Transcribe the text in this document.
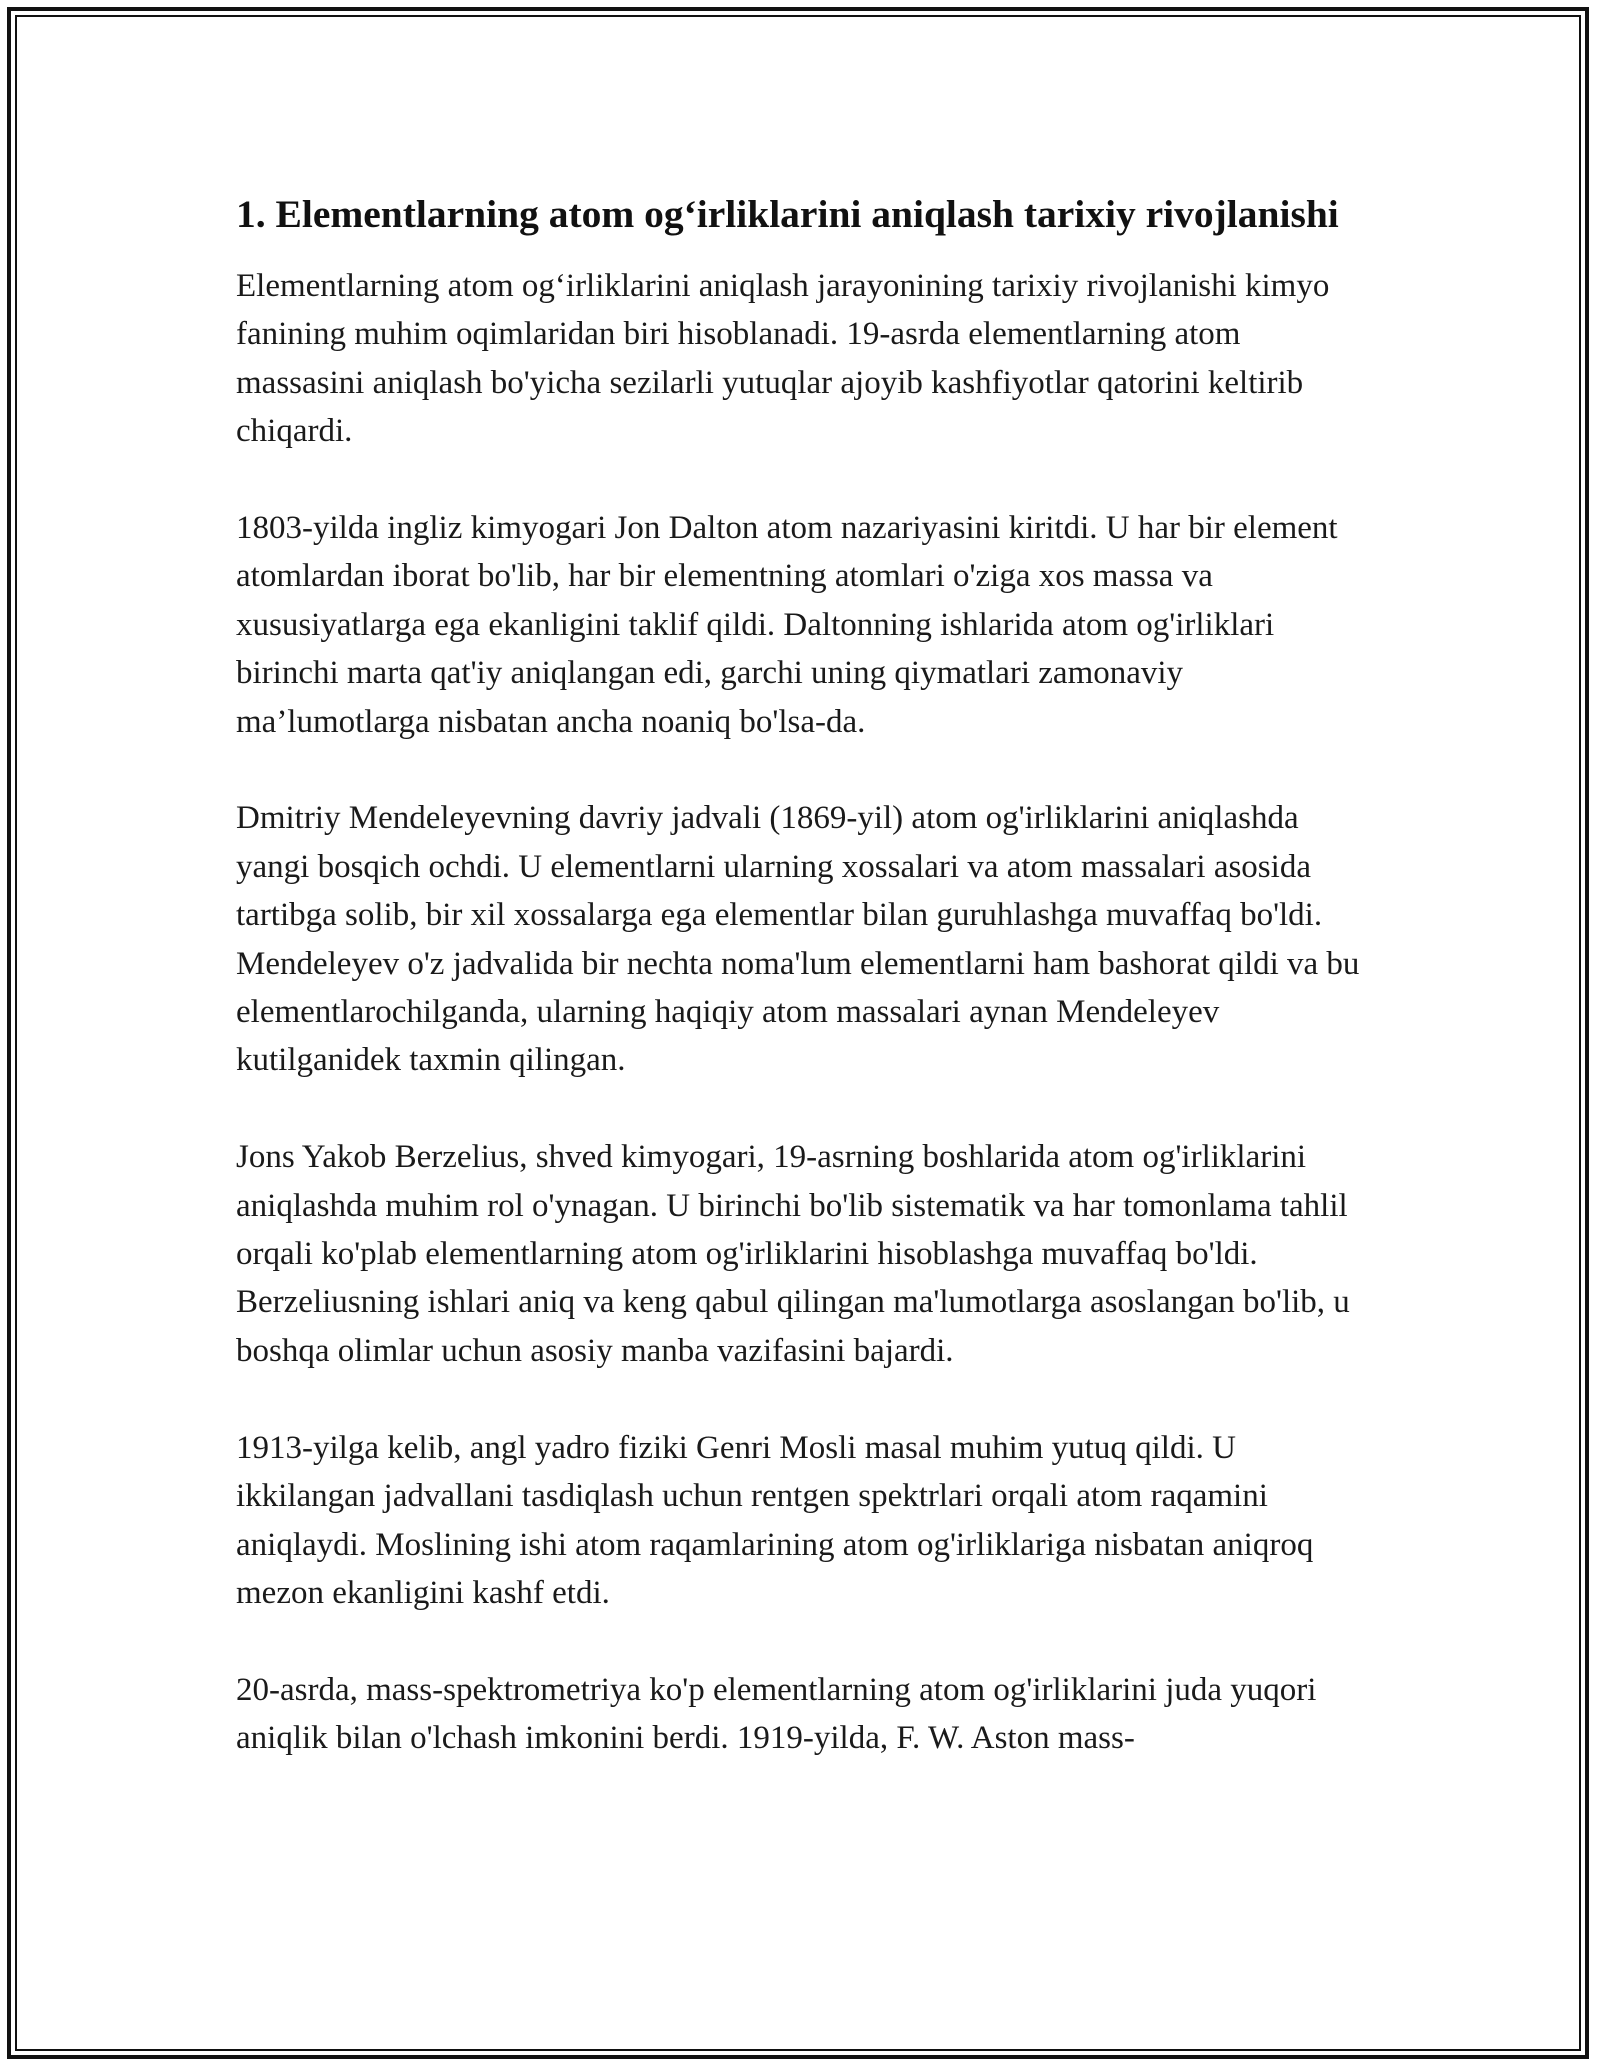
1. Elementlarning atom og‘irliklarini aniqlash tarixiy rivojlanishi

Elementlarning atom og‘irliklarini aniqlash jarayonining tarixiy rivojlanishi kimyo fanining muhim oqimlaridan biri hisoblanadi. 19-asrda elementlarning atom massasini aniqlash bo'yicha sezilarli yutuqlar ajoyib kashfiyotlar qatorini keltirib chiqardi.

1803-yilda ingliz kimyogari Jon Dalton atom nazariyasini kiritdi. U har bir element atomlardan iborat bo'lib, har bir elementning atomlari o'ziga xos massa va xususiyatlarga ega ekanligini taklif qildi. Daltonning ishlarida atom og'irliklari birinchi marta qat'iy aniqlangan edi, garchi uning qiymatlari zamonaviy ma’lumotlarga nisbatan ancha noaniq bo'lsa-da.

Dmitriy Mendeleyevning davriy jadvali (1869-yil) atom og'irliklarini aniqlashda yangi bosqich ochdi. U elementlarni ularning xossalari va atom massalari asosida tartibga solib, bir xil xossalarga ega elementlar bilan guruhlashga muvaffaq bo'ldi. Mendeleyev o'z jadvalida bir nechta noma'lum elementlarni ham bashorat qildi va bu elementlarochilganda, ularning haqiqiy atom massalari aynan Mendeleyev kutilganidek taxmin qilingan.

Jons Yakob Berzelius, shved kimyogari, 19-asrning boshlarida atom og'irliklarini aniqlashda muhim rol o'ynagan. U birinchi bo'lib sistematik va har tomonlama tahlil orqali ko'plab elementlarning atom og'irliklarini hisoblashga muvaffaq bo'ldi. Berzeliusning ishlari aniq va keng qabul qilingan ma'lumotlarga asoslangan bo'lib, u boshqa olimlar uchun asosiy manba vazifasini bajardi.

1913-yilga kelib, angl yadro fiziki Genri Mosli masal muhim yutuq qildi. U ikkilangan jadvallani tasdiqlash uchun rentgen spektrlari orqali atom raqamini aniqlaydi. Moslining ishi atom raqamlarining atom og'irliklariga nisbatan aniqroq mezon ekanligini kashf etdi.

20-asrda, mass-spektrometriya ko'p elementlarning atom og'irliklarini juda yuqori aniqlik bilan o'lchash imkonini berdi. 1919-yilda, F. W. Aston mass-
